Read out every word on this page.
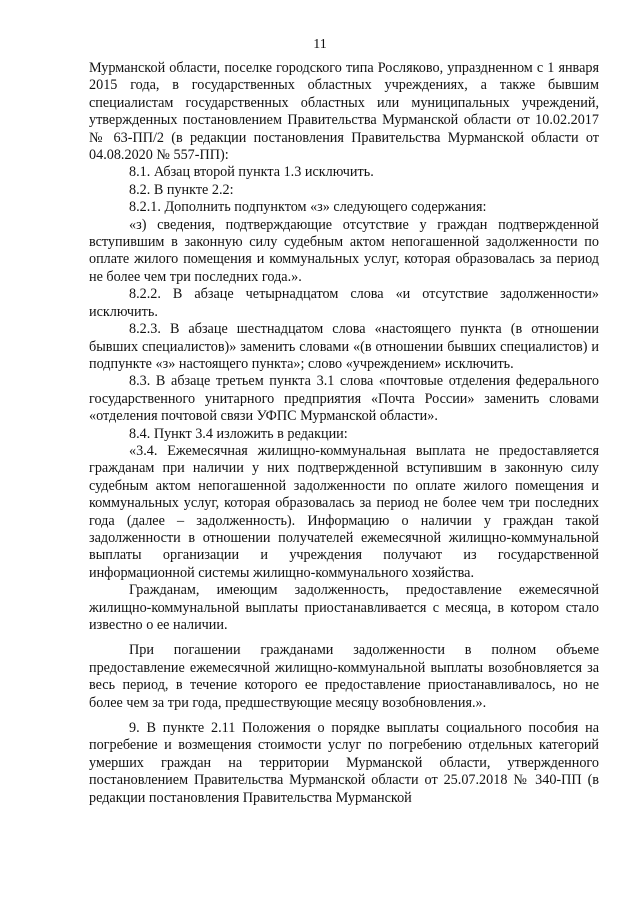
11

Мурманской области, поселке городского типа Росляково, упраздненном с 1 января 2015 года, в государственных областных учреждениях, а также бывшим специалистам государственных областных или муниципальных учреждений, утвержденных постановлением Правительства Мурманской области от 10.02.2017 № 63-ПП/2 (в редакции постановления Правительства Мурманской области от 04.08.2020 № 557-ПП):

8.1. Абзац второй пункта 1.3 исключить.

8.2. В пункте 2.2:

8.2.1. Дополнить подпунктом «з» следующего содержания:

«з) сведения, подтверждающие отсутствие у граждан подтвержденной вступившим в законную силу судебным актом непогашенной задолженности по оплате жилого помещения и коммунальных услуг, которая образовалась за период не более чем три последних года.».

8.2.2. В абзаце четырнадцатом слова «и отсутствие задолженности» исключить.

8.2.3. В абзаце шестнадцатом слова «настоящего пункта (в отношении бывших специалистов)» заменить словами «(в отношении бывших специалистов) и подпункте «з» настоящего пункта»; слово «учреждением» исключить.

8.3. В абзаце третьем пункта 3.1 слова «почтовые отделения федерального государственного унитарного предприятия «Почта России» заменить словами «отделения почтовой связи УФПС Мурманской области».

8.4. Пункт 3.4 изложить в редакции:

«3.4. Ежемесячная жилищно-коммунальная выплата не предоставляется гражданам при наличии у них подтвержденной вступившим в законную силу судебным актом непогашенной задолженности по оплате жилого помещения и коммунальных услуг, которая образовалась за период не более чем три последних года (далее – задолженность). Информацию о наличии у граждан такой задолженности в отношении получателей ежемесячной жилищно-коммунальной выплаты организации и учреждения получают из государственной информационной системы жилищно-коммунального хозяйства.

Гражданам, имеющим задолженность, предоставление ежемесячной жилищно-коммунальной выплаты приостанавливается с месяца, в котором стало известно о ее наличии.

При погашении гражданами задолженности в полном объеме предоставление ежемесячной жилищно-коммунальной выплаты возобновляется за весь период, в течение которого ее предоставление приостанавливалось, но не более чем за три года, предшествующие месяцу возобновления.».

9. В пункте 2.11 Положения о порядке выплаты социального пособия на погребение и возмещения стоимости услуг по погребению отдельных категорий умерших граждан на территории Мурманской области, утвержденного постановлением Правительства Мурманской области от 25.07.2018 № 340-ПП (в редакции постановления Правительства Мурманской
